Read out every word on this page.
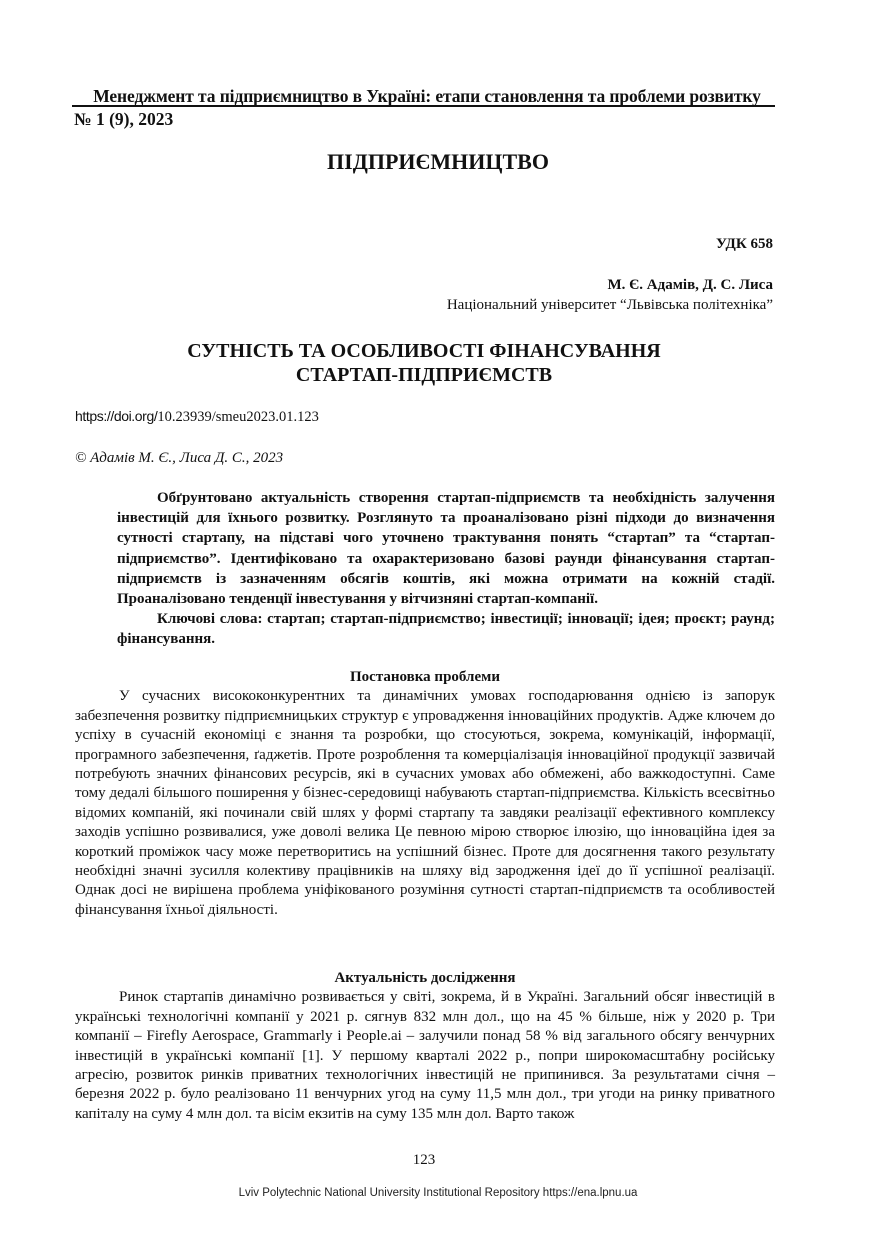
Менеджмент та підприємництво в Україні: етапи становлення та проблеми розвитку
№ 1 (9), 2023
ПІДПРИЄМНИЦТВО
УДК 658
М. Є. Адамів, Д. С. Лиса
Національний університет “Львівська політехніка”
СУТНІСТЬ ТА ОСОБЛИВОСТІ ФІНАНСУВАННЯ
СТАРТАП-ПІДПРИЄМСТВ
https://doi.org/10.23939/smeu2023.01.123
© Адамів М. Є., Лиса Д. С., 2023

Обґрунтовано актуальність створення стартап-підприємств та необхідність залучення інвестицій для їхнього розвитку. Розглянуто та проаналізовано різні підходи до визначення сутності стартапу, на підставі чого уточнено трактування понять “стартап” та “стартап-підприємство”. Ідентифіковано та охарактеризовано базові раунди фінансування стартап-підприємств із зазначенням обсягів коштів, які можна отримати на кожній стадії. Проаналізовано тенденції інвестування у вітчизняні стартап-компанії.

Ключові слова: стартап; стартап-підприємство; інвестиції; інновації; ідея; проєкт; раунд; фінансування.

Постановка проблеми

У сучасних висококонкурентних та динамічних умовах господарювання однією із запорук забезпечення розвитку підприємницьких структур є упровадження інноваційних продуктів. Адже ключем до успіху в сучасній економіці є знання та розробки, що стосуються, зокрема, комунікацій, інформації, програмного забезпечення, ґаджетів. Проте розроблення та комерціалізація інноваційної продукції зазвичай потребують значних фінансових ресурсів, які в сучасних умовах або обмежені, або важкодоступні. Саме тому дедалі більшого поширення у бізнес-середовищі набувають стартап-підприємства. Кількість всесвітньо відомих компаній, які починали свій шлях у формі стартапу та завдяки реалізації ефективного комплексу заходів успішно розвивалися, уже доволі велика Це певною мірою створює ілюзію, що інноваційна ідея за короткий проміжок часу може перетворитись на успішний бізнес. Проте для досягнення такого результату необхідні значні зусилля колективу працівників на шляху від зародження ідеї до її успішної реалізації. Однак досі не вирішена проблема уніфікованого розуміння сутності стартап-підприємств та особливостей фінансування їхньої діяльності.

Актуальність дослідження

Ринок стартапів динамічно розвивається у світі, зокрема, й в Україні. Загальний обсяг інвестицій в українські технологічні компанії у 2021 р. сягнув 832 млн дол., що на 45 % більше, ніж у 2020 р. Три компанії – Firefly Aerospace, Grammarly і People.ai – залучили понад 58 % від загального обсягу венчурних інвестицій в українські компанії [1]. У першому кварталі 2022 р., попри широкомасштабну російську агресію, розвиток ринків приватних технологічних інвестицій не припинився. За результатами січня – березня 2022 р. було реалізовано 11 венчурних угод на суму 11,5 млн дол., три угоди на ринку приватного капіталу на суму 4 млн дол. та вісім екзитів на суму 135 млн дол. Варто також

123
Lviv Polytechnic National University Institutional Repository https://ena.lpnu.ua
